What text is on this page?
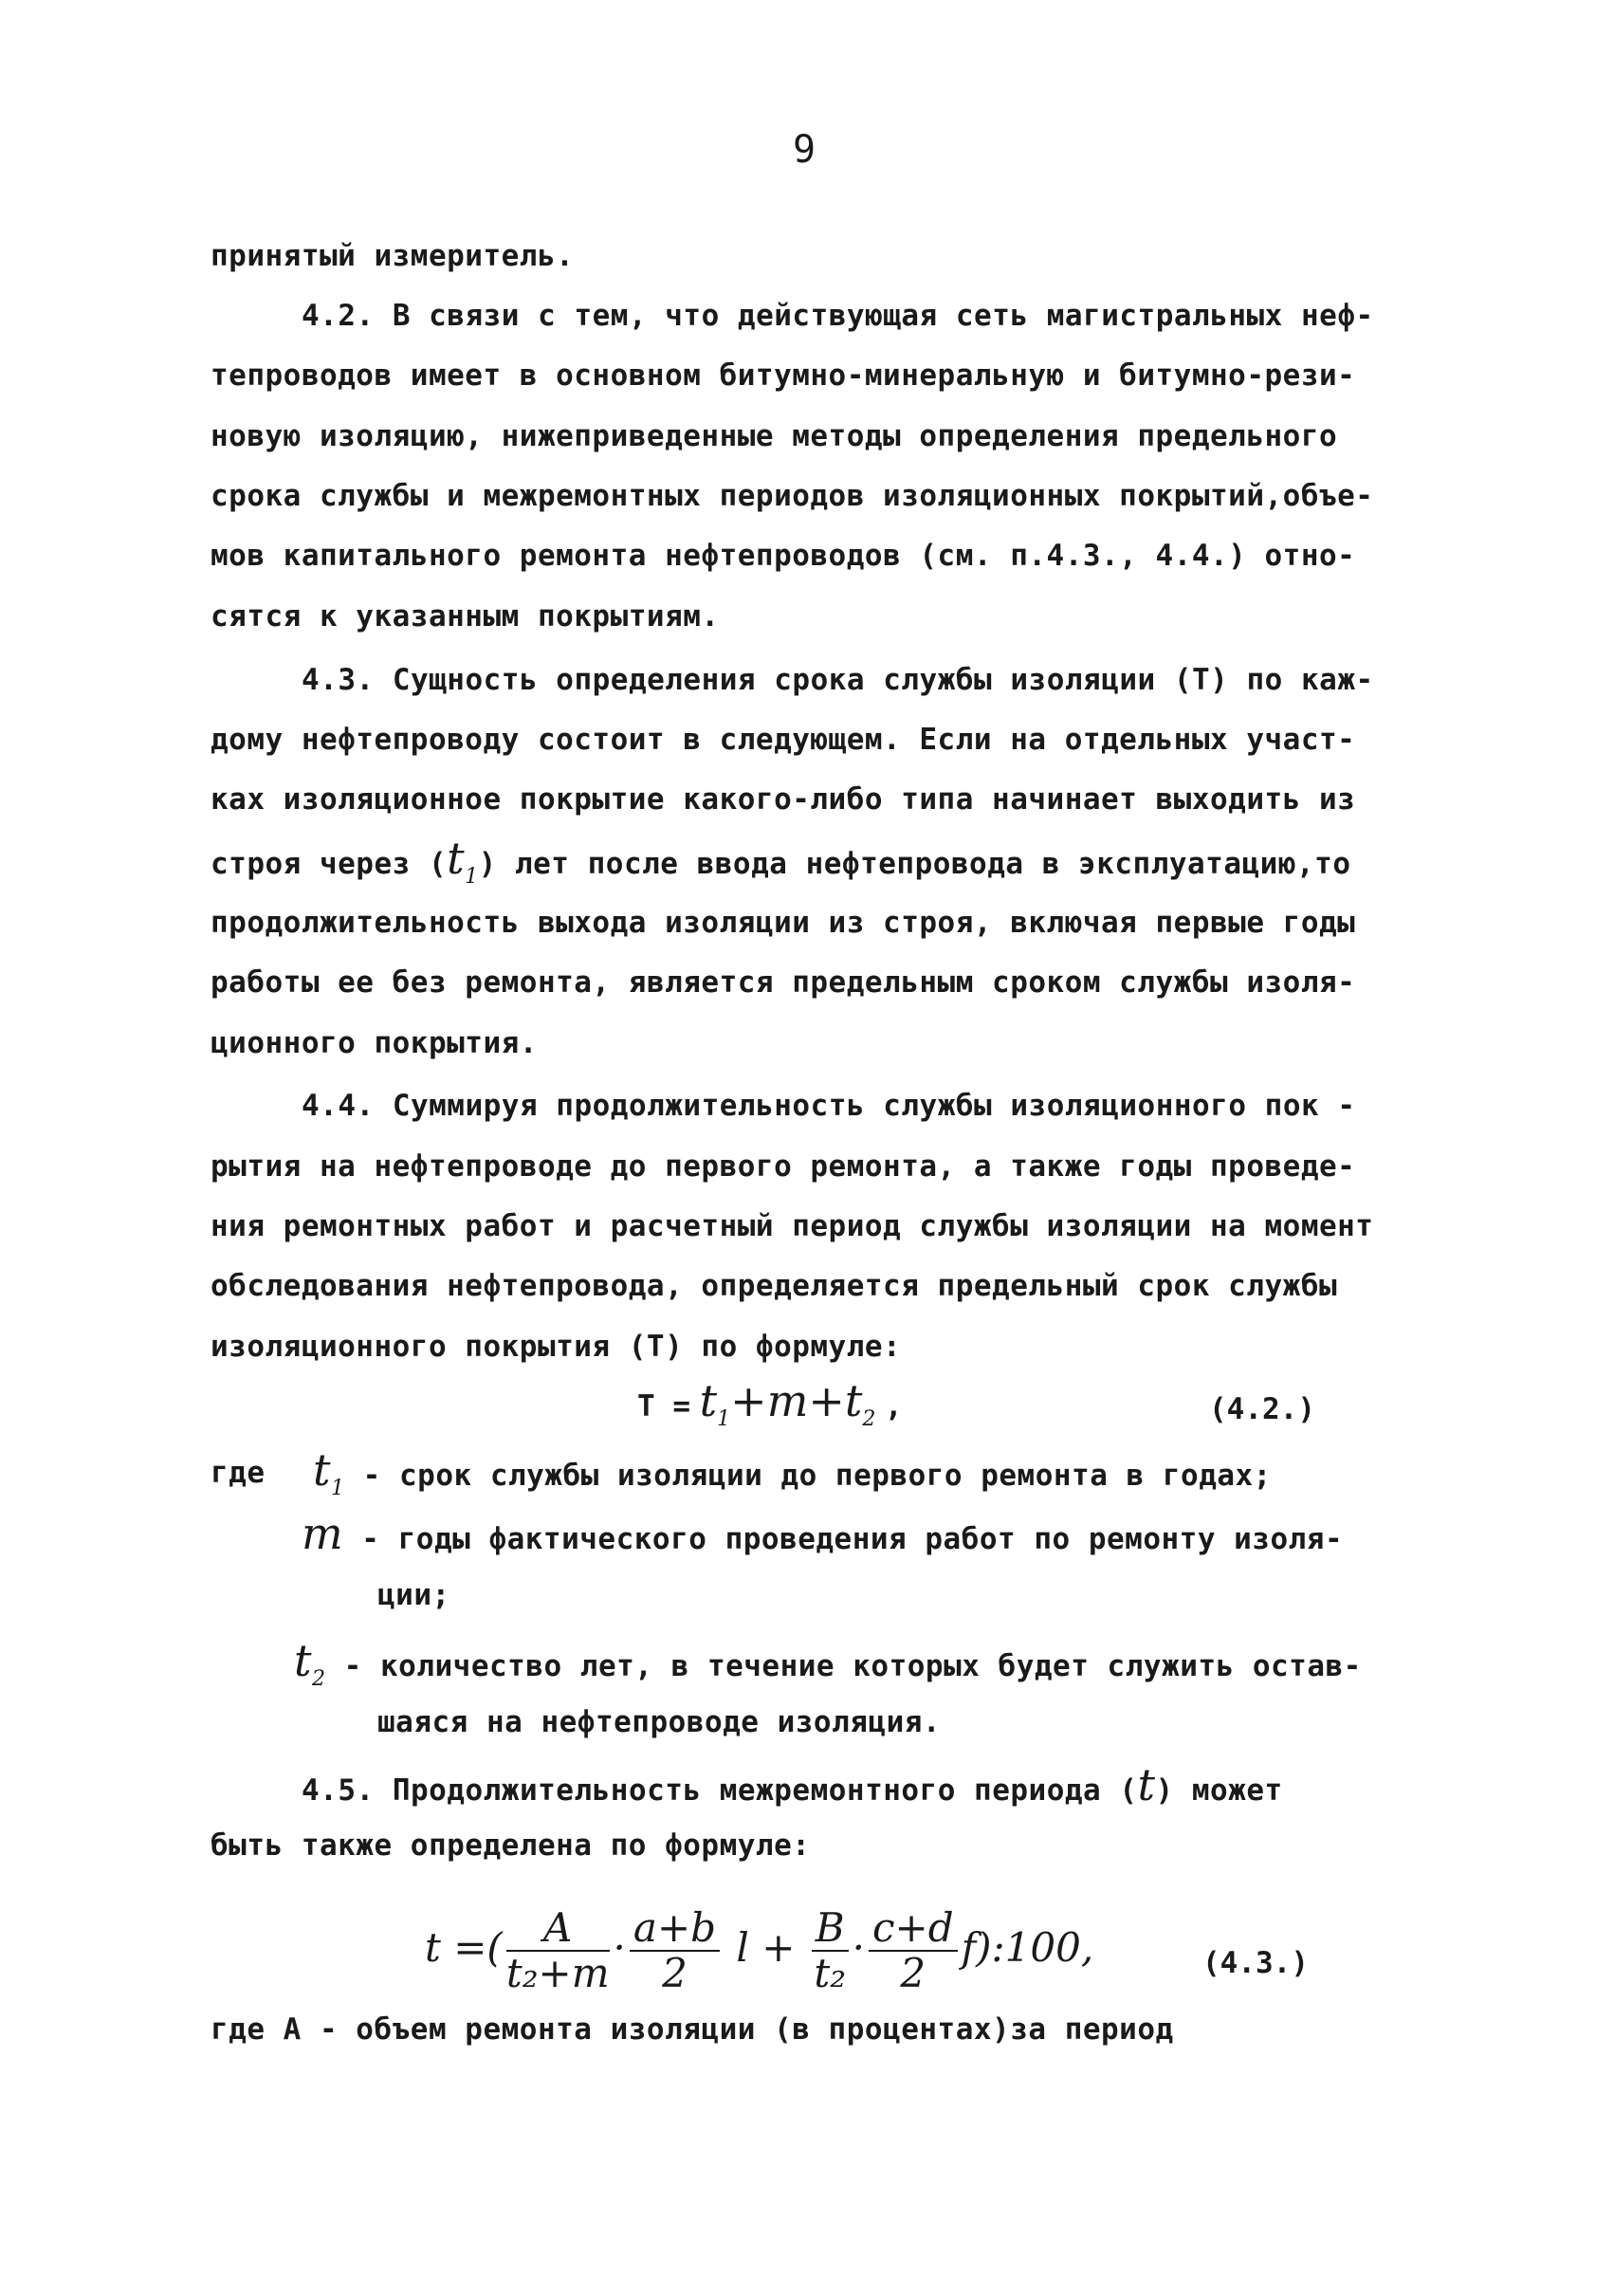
9
принятый измеритель.
4.2. В связи с тем, что действующая сеть магистральных неф-
тепроводов имеет в основном битумно-минеральную и битумно-рези-
новую изоляцию, нижеприведенные методы определения предельного
срока службы и межремонтных периодов изоляционных покрытий,объе-
мов капитального ремонта нефтепроводов (см. п.4.3., 4.4.) отно-
сятся к указанным покрытиям.
4.3. Сущность определения срока службы изоляции (Т) по каж-
дому нефтепроводу состоит в следующем. Если на отдельных участ-
ках изоляционное покрытие какого-либо типа начинает выходить из
строя через $(t_1)$ лет после ввода нефтепровода в эксплуатацию,то
продолжительность выхода изоляции из строя, включая первые годы
работы ее без ремонта, является предельным сроком службы изоля-
ционного покрытия.
4.4. Суммируя продолжительность службы изоляционного пок -
рытия на нефтепроводе до первого ремонта, а также годы проведе-
ния ремонтных работ и расчетный период службы изоляции на момент
обследования нефтепровода, определяется предельный срок службы
изоляционного покрытия (Т) по формуле:
$Т = t_1+m+t_2$ ,	(4.2.)
где $t_1$ - срок службы изоляции до первого ремонта в годах;
m - годы фактического проведения работ по ремонту изоля-
ции;
$t_2$ - количество лет, в течение которых будет служить остав-
шаяся на нефтепроводе изоляция.
4.5. Продолжительность межремонтного периода (t) может
быть также определена по формуле:
t =( $\frac{A}{\text{t₂+m}} \cdot \frac{a+b}{2}$ $l + \frac{B}{\text{t₂}} \cdot \frac{c+d}{2}$ f):100,	(4.3.)
где А - объем ремонта изоляции (в процентах)за период
